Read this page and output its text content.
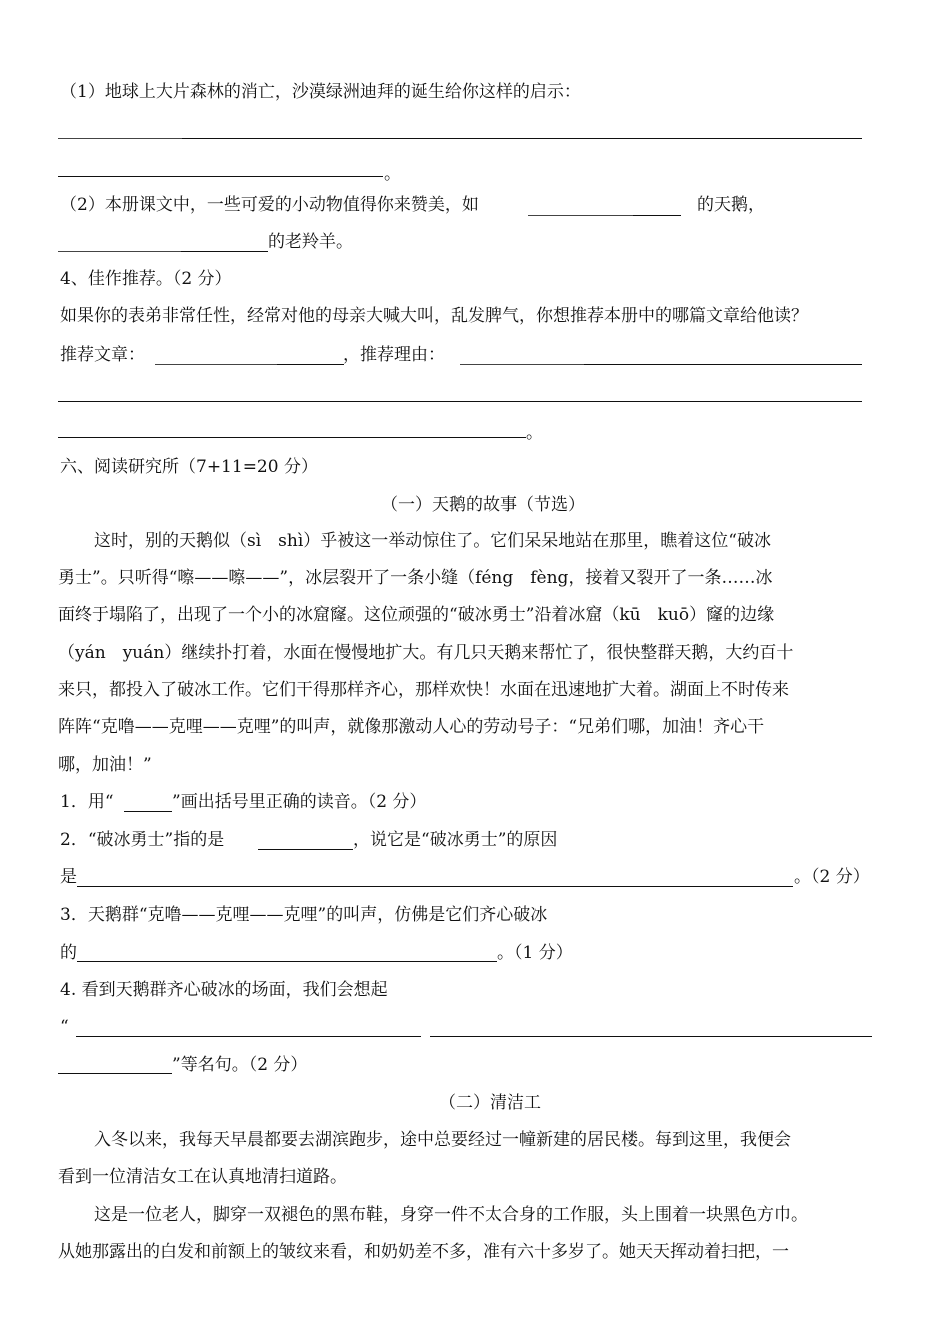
（1）地球上大片森林的消亡，沙漠绿洲迪拜的诞生给你这样的启示：
。
（2）本册课文中，一些可爱的小动物值得你来赞美，如	的天鹅，
的老羚羊。
4、佳作推荐。（2 分）
如果你的表弟非常任性，经常对他的母亲大喊大叫，乱发脾气，你想推荐本册中的哪篇文章给他读？
推荐文章：	，推荐理由：
。
六、阅读研究所（7+11=20 分）
（一）天鹅的故事（节选）
这时，别的天鹅似（sì　shì）乎被这一举动惊住了。它们呆呆地站在那里，瞧着这位“破冰
勇士”。只听得“嚓——嚓——”，冰层裂开了一条小缝（féng　fèng，接着又裂开了一条……冰
面终于塌陷了，出现了一个小的冰窟窿。这位顽强的“破冰勇士”沿着冰窟（kū　kuō）窿的边缘
（yán　yuán）继续扑打着，水面在慢慢地扩大。有几只天鹅来帮忙了，很快整群天鹅，大约百十
来只，都投入了破冰工作。它们干得那样齐心，那样欢快！水面在迅速地扩大着。湖面上不时传来
阵阵“克噜——克哩——克哩”的叫声，就像那激动人心的劳动号子：“兄弟们哪，加油！齐心干
哪，加油！”
1．用“	”画出括号里正确的读音。（2 分）
2．“破冰勇士”指的是	，说它是“破冰勇士”的原因
是	。（2 分）
3．天鹅群“克噜——克哩——克哩”的叫声，仿佛是它们齐心破冰
的	。（1 分）
4. 看到天鹅群齐心破冰的场面，我们会想起
“
”等名句。（2 分）
（二）清洁工
入冬以来，我每天早晨都要去湖滨跑步，途中总要经过一幢新建的居民楼。每到这里，我便会
看到一位清洁女工在认真地清扫道路。
这是一位老人，脚穿一双褪色的黑布鞋，身穿一件不太合身的工作服，头上围着一块黑色方巾。
从她那露出的白发和前额上的皱纹来看，和奶奶差不多，准有六十多岁了。她天天挥动着扫把，一
